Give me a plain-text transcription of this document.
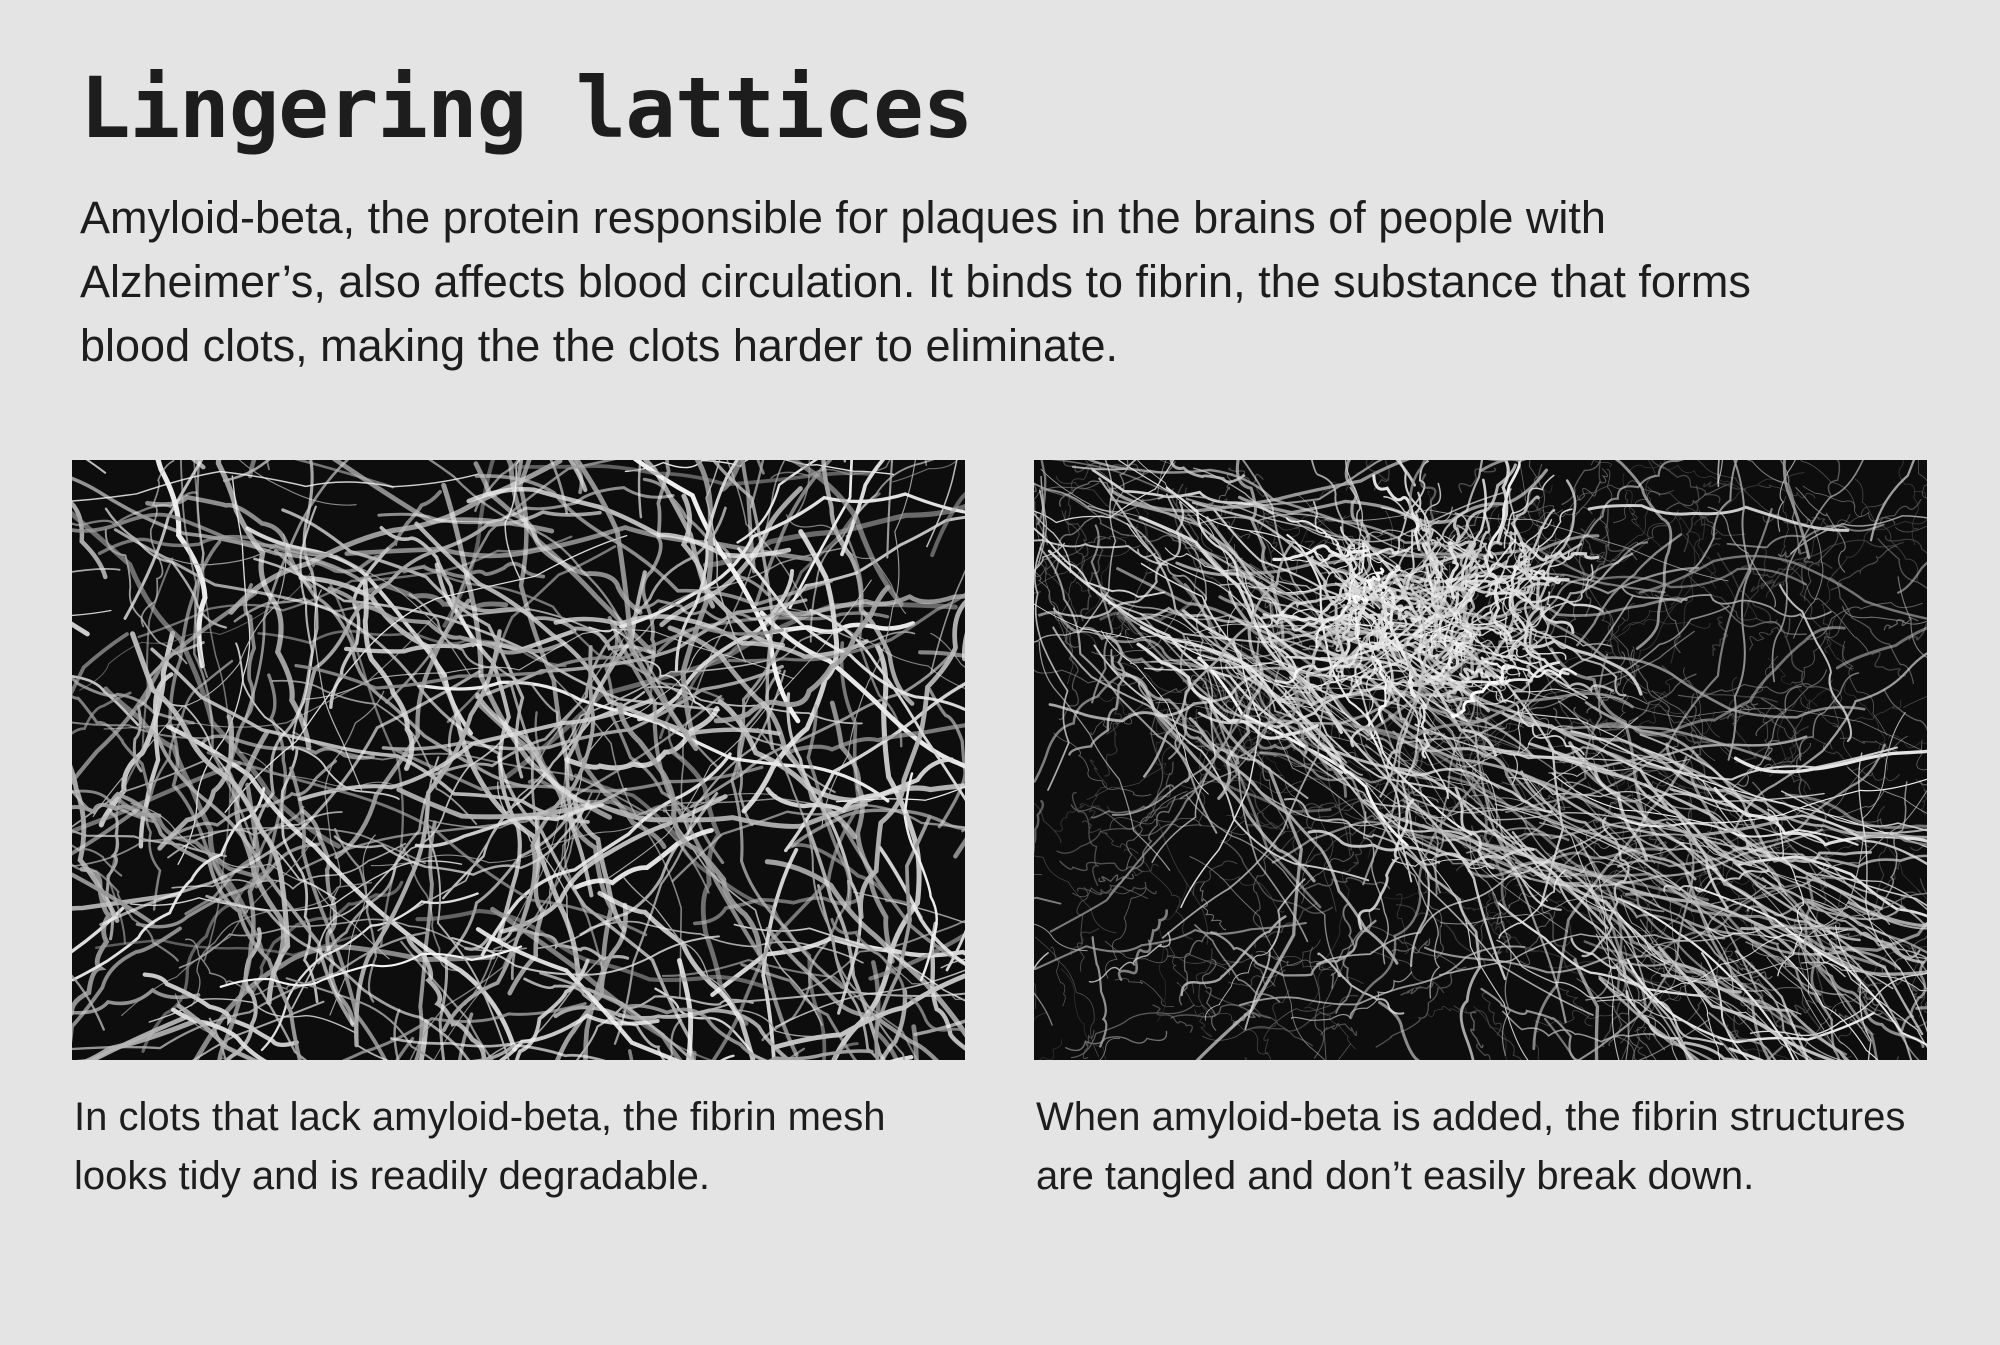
Lingering lattices

Amyloid-beta, the protein responsible for plaques in the brains of people with Alzheimer’s, also affects blood circulation. It binds to fibrin, the substance that forms blood clots, making the the clots harder to eliminate.

In clots that lack amyloid-beta, the fibrin mesh looks tidy and is readily degradable.

When amyloid-beta is added, the fibrin structures are tangled and don’t easily break down.
